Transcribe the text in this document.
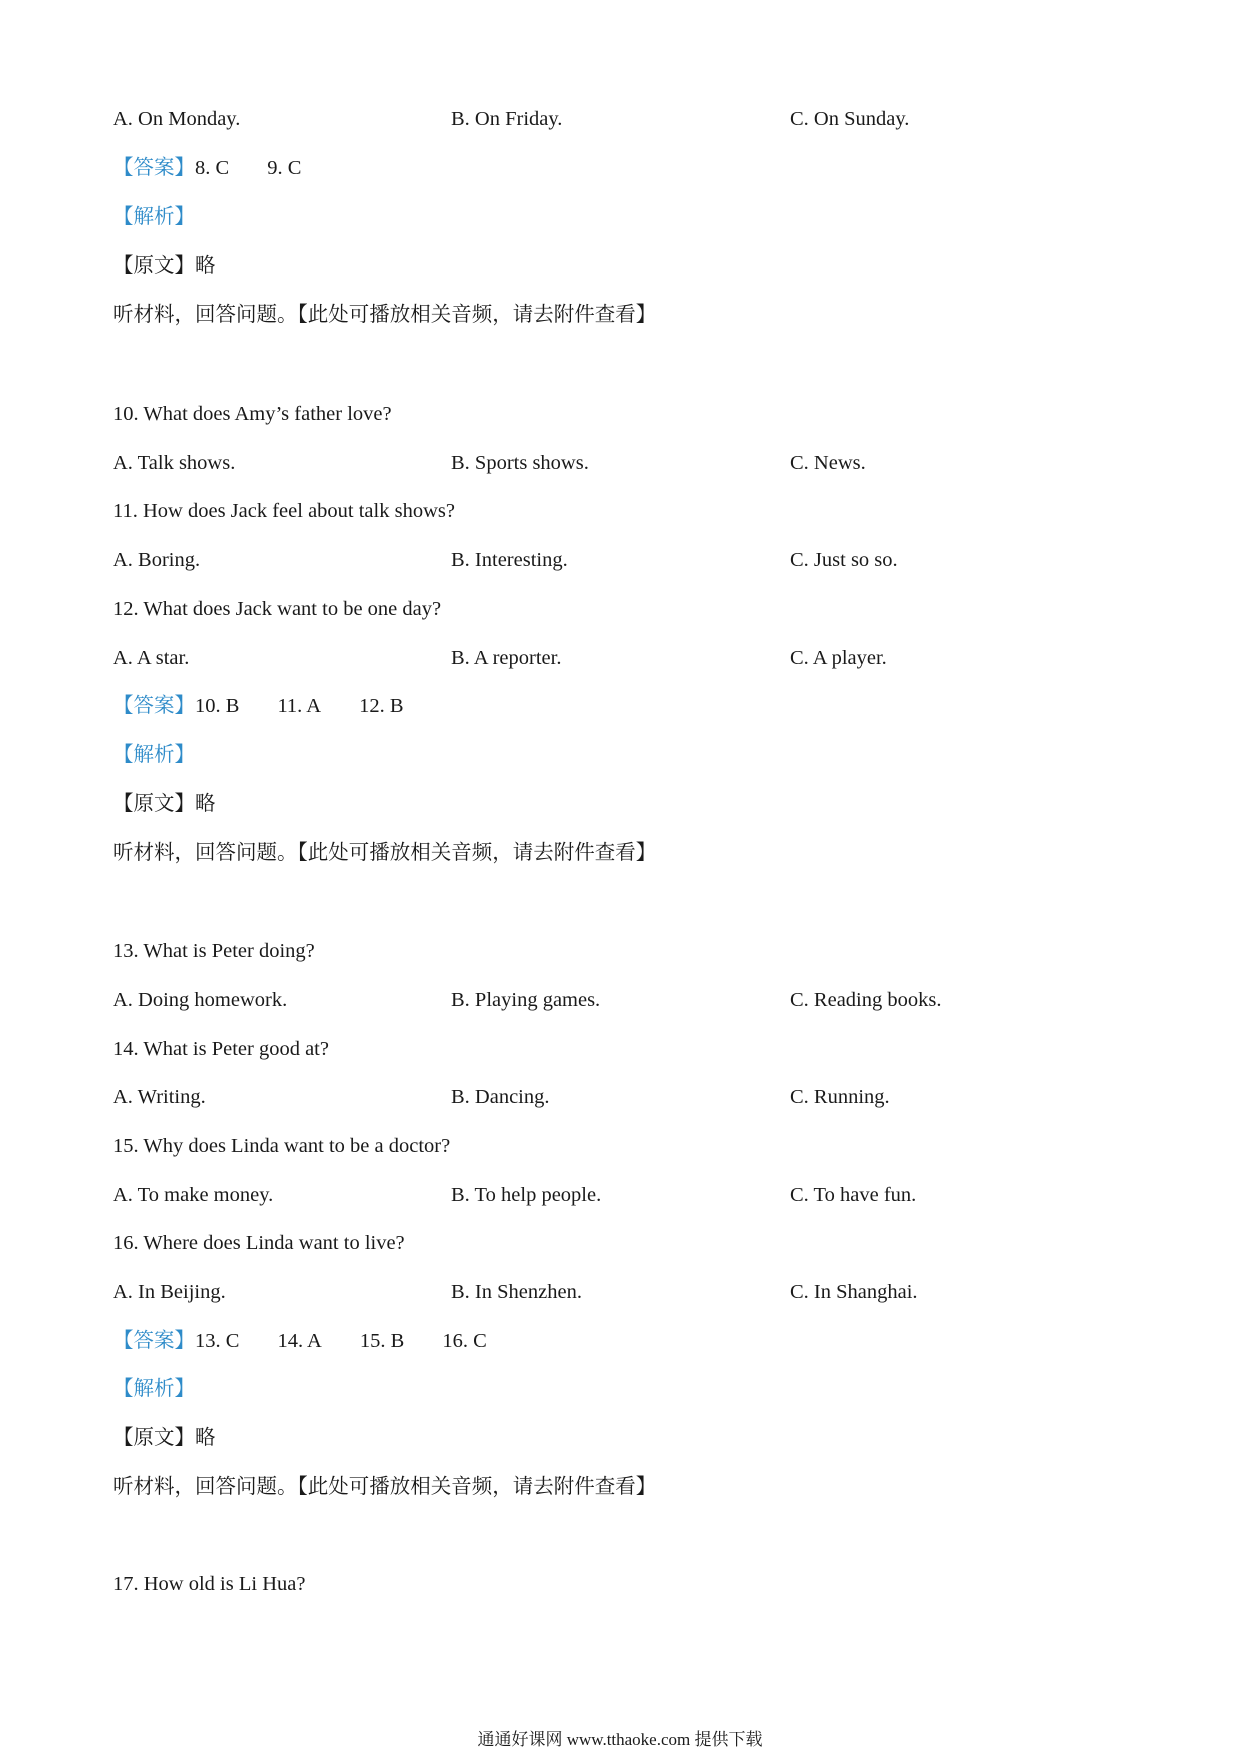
A. On Monday.	B. On Friday.	C. On Sunday.
【答案】8. C 9. C
【解析】
【原文】略
听材料，回答问题。【此处可播放相关音频，请去附件查看】
10. What does Amy’s father love?
A. Talk shows.	B. Sports shows.	C. News.
11. How does Jack feel about talk shows?
A. Boring.	B. Interesting.	C. Just so so.
12. What does Jack want to be one day?
A. A star.	B. A reporter.	C. A player.
【答案】10. B 11. A 12. B
【解析】
【原文】略
听材料，回答问题。【此处可播放相关音频，请去附件查看】
13. What is Peter doing?
A. Doing homework.	B. Playing games.	C. Reading books.
14. What is Peter good at?
A. Writing.	B. Dancing.	C. Running.
15. Why does Linda want to be a doctor?
A. To make money.	B. To help people.	C. To have fun.
16. Where does Linda want to live?
A. In Beijing.	B. In Shenzhen.	C. In Shanghai.
【答案】13. C 14. A 15. B 16. C
【解析】
【原文】略
听材料，回答问题。【此处可播放相关音频，请去附件查看】
17. How old is Li Hua?
通通好课网 www.tthaoke.com 提供下载
